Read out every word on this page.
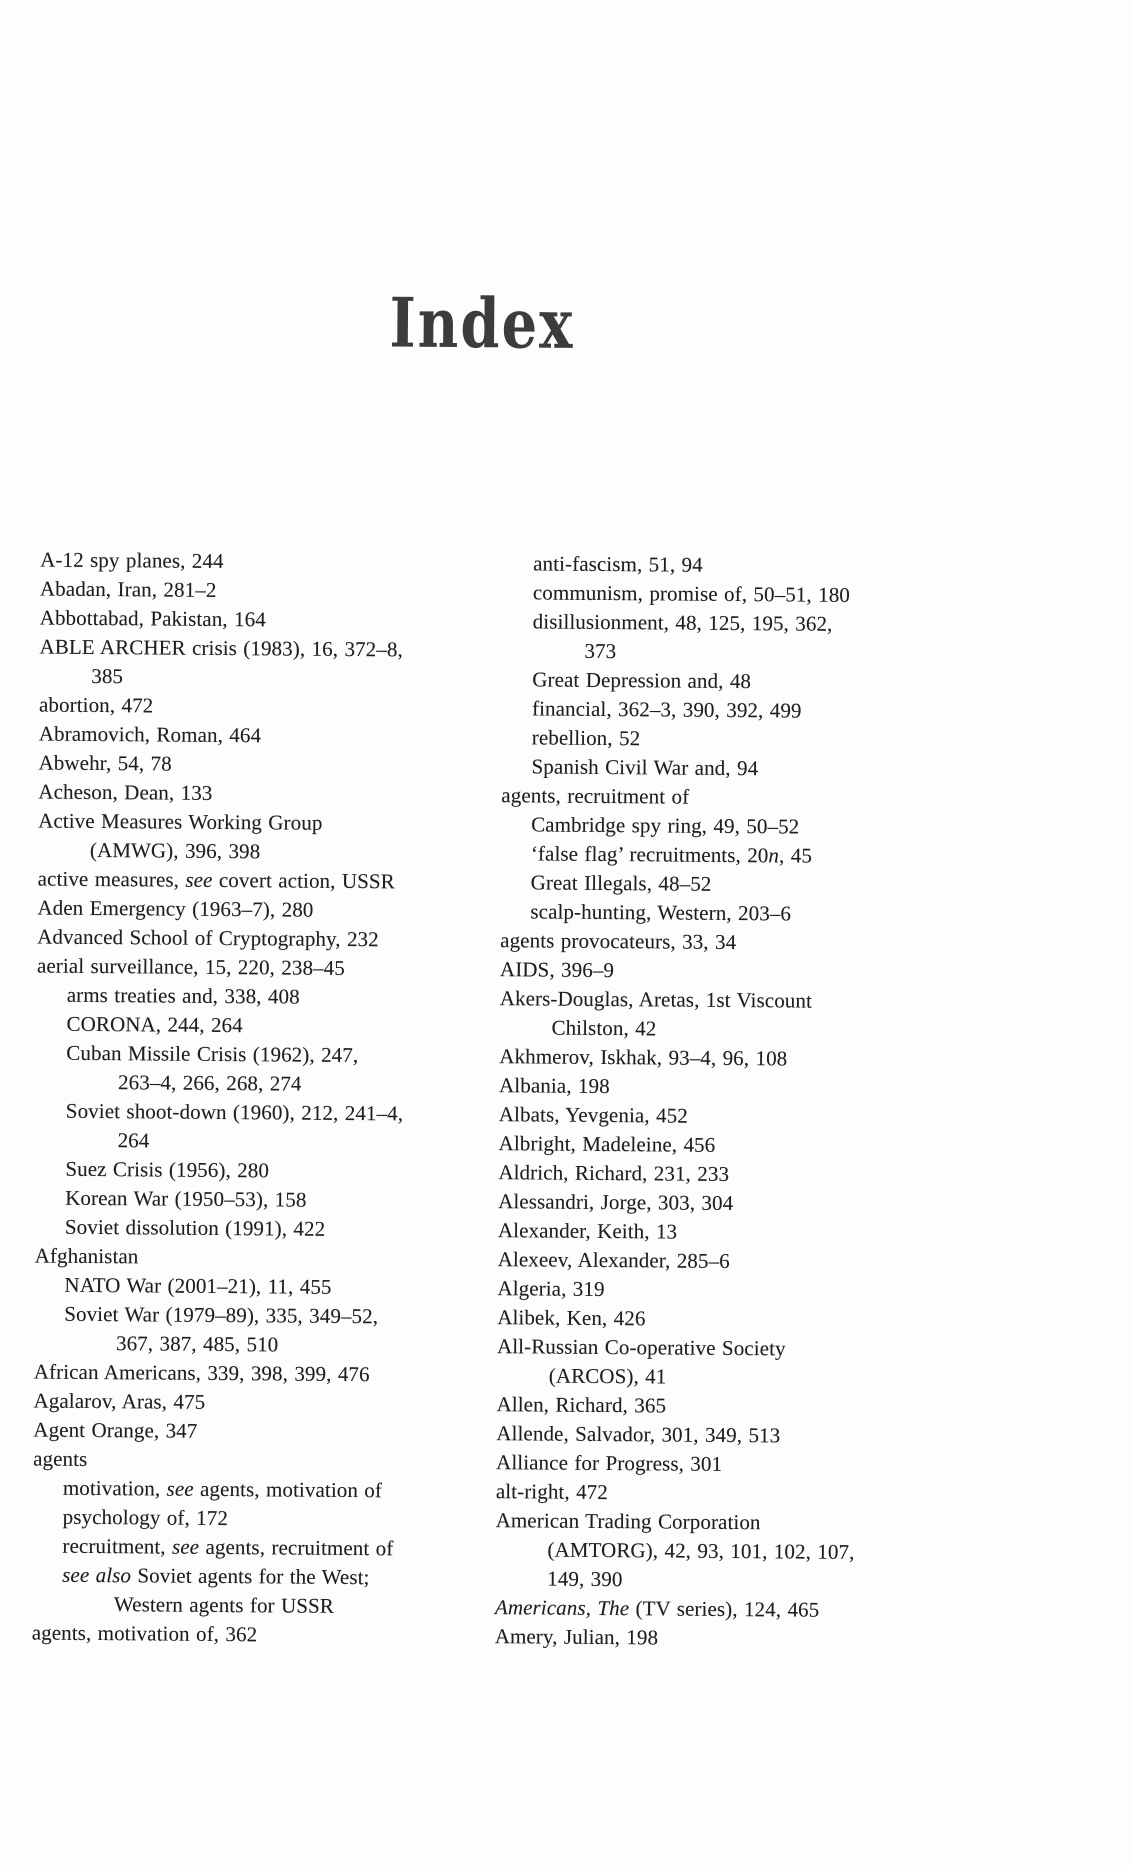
Index
A-12 spy planes, 244
Abadan, Iran, 281–2
Abbottabad, Pakistan, 164
ABLE ARCHER crisis (1983), 16, 372–8,
385
abortion, 472
Abramovich, Roman, 464
Abwehr, 54, 78
Acheson, Dean, 133
Active Measures Working Group
(AMWG), 396, 398
active measures, see covert action, USSR
Aden Emergency (1963–7), 280
Advanced School of Cryptography, 232
aerial surveillance, 15, 220, 238–45
arms treaties and, 338, 408
CORONA, 244, 264
Cuban Missile Crisis (1962), 247,
263–4, 266, 268, 274
Soviet shoot-down (1960), 212, 241–4,
264
Suez Crisis (1956), 280
Korean War (1950–53), 158
Soviet dissolution (1991), 422
Afghanistan
NATO War (2001–21), 11, 455
Soviet War (1979–89), 335, 349–52,
367, 387, 485, 510
African Americans, 339, 398, 399, 476
Agalarov, Aras, 475
Agent Orange, 347
agents
motivation, see agents, motivation of
psychology of, 172
recruitment, see agents, recruitment of
see also Soviet agents for the West;
Western agents for USSR
agents, motivation of, 362
anti-fascism, 51, 94
communism, promise of, 50–51, 180
disillusionment, 48, 125, 195, 362,
373
Great Depression and, 48
financial, 362–3, 390, 392, 499
rebellion, 52
Spanish Civil War and, 94
agents, recruitment of
Cambridge spy ring, 49, 50–52
‘false flag’ recruitments, 20n, 45
Great Illegals, 48–52
scalp-hunting, Western, 203–6
agents provocateurs, 33, 34
AIDS, 396–9
Akers-Douglas, Aretas, 1st Viscount
Chilston, 42
Akhmerov, Iskhak, 93–4, 96, 108
Albania, 198
Albats, Yevgenia, 452
Albright, Madeleine, 456
Aldrich, Richard, 231, 233
Alessandri, Jorge, 303, 304
Alexander, Keith, 13
Alexeev, Alexander, 285–6
Algeria, 319
Alibek, Ken, 426
All-Russian Co-operative Society
(ARCOS), 41
Allen, Richard, 365
Allende, Salvador, 301, 349, 513
Alliance for Progress, 301
alt-right, 472
American Trading Corporation
(AMTORG), 42, 93, 101, 102, 107,
149, 390
Americans, The (TV series), 124, 465
Amery, Julian, 198
